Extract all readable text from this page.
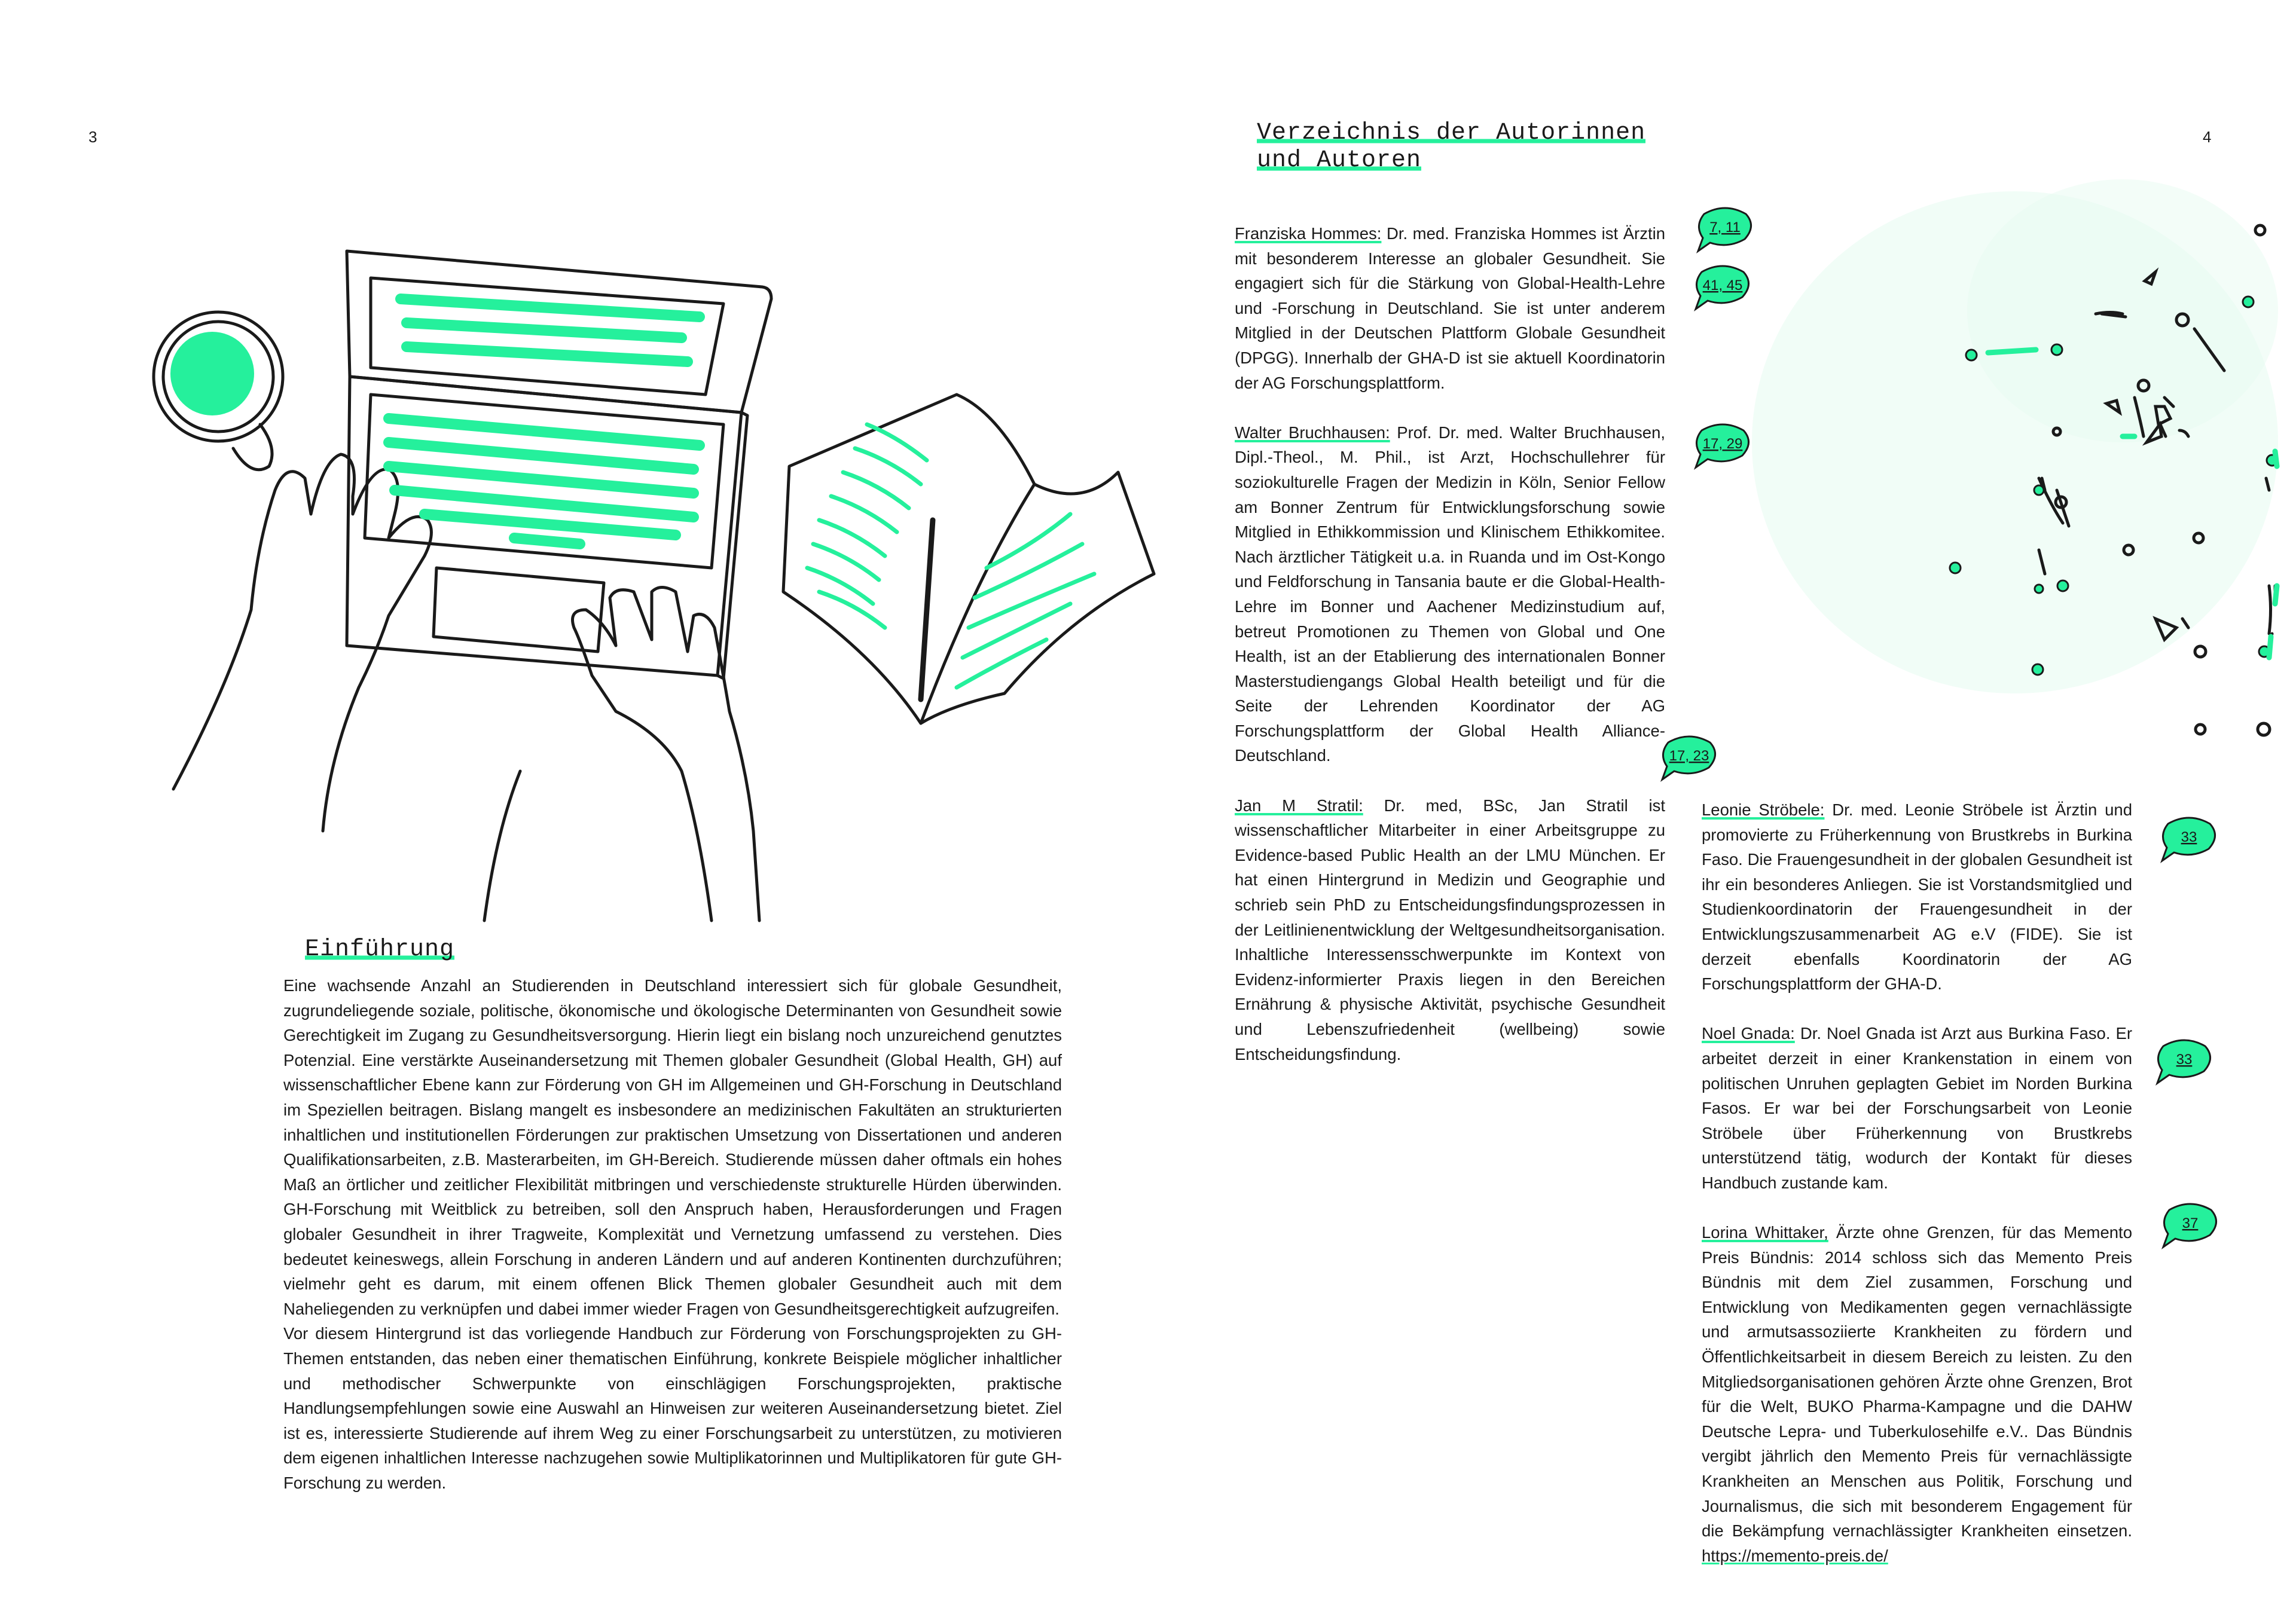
3
Einführung

Eine wachsende Anzahl an Studierenden in Deutschland interessiert sich für globale Gesundheit, zugrundeliegende soziale, politische, ökonomische und ökologische Determinanten von Gesundheit sowie Gerechtigkeit im Zugang zu Gesundheitsversorgung. Hierin liegt ein bislang noch unzureichend genutztes Potenzial. Eine verstärkte Auseinandersetzung mit Themen globaler Gesundheit (Global Health, GH) auf wissenschaftlicher Ebene kann zur Förderung von GH im Allgemeinen und GH-Forschung in Deutschland im Speziellen beitragen. Bislang mangelt es insbesondere an medizinischen Fakultäten an strukturierten inhaltlichen und institutionellen Förderungen zur praktischen Umsetzung von Dissertationen und anderen Qualifikationsarbeiten, z.B. Masterarbeiten, im GH-Bereich. Studierende müssen daher oftmals ein hohes Maß an örtlicher und zeitlicher Flexibilität mitbringen und verschiedenste strukturelle Hürden überwinden. GH-Forschung mit Weitblick zu betreiben, soll den Anspruch haben, Herausforderungen und Fragen globaler Gesundheit in ihrer Tragweite, Komplexität und Vernetzung umfassend zu verstehen. Dies bedeutet keineswegs, allein Forschung in anderen Ländern und auf anderen Kontinenten durchzuführen; vielmehr geht es darum, mit einem offenen Blick Themen globaler Gesundheit auch mit dem Naheliegenden zu verknüpfen und dabei immer wieder Fragen von Gesundheitsgerechtigkeit aufzugreifen.

Vor diesem Hintergrund ist das vorliegende Handbuch zur Förderung von Forschungsprojekten zu GH-Themen entstanden, das neben einer thematischen Einführung, konkrete Beispiele möglicher inhaltlicher und methodischer Schwerpunkte von einschlägigen Forschungsprojekten, praktische Handlungsempfehlungen sowie eine Auswahl an Hinweisen zur weiteren Auseinandersetzung bietet. Ziel ist es, interessierte Studierende auf ihrem Weg zu einer Forschungsarbeit zu unterstützen, zu motivieren dem eigenen inhaltlichen Interesse nachzugehen sowie Multiplikatorinnen und Multiplikatoren für gute GH-Forschung zu werden.

4
Verzeichnis der Autorinnen
und Autoren

Franziska Hommes: Dr. med. Franziska Hommes ist Ärztin mit besonderem Interesse an globaler Gesundheit. Sie engagiert sich für die Stärkung von Global-Health-Lehre und -Forschung in Deutschland. Sie ist unter anderem Mitglied in der Deutschen Plattform Globale Gesundheit (DPGG). Innerhalb der GHA-D ist sie aktuell Koordinatorin der AG Forschungsplattform.

Walter Bruchhausen: Prof. Dr. med. Walter Bruchhausen, Dipl.-Theol., M. Phil., ist Arzt, Hochschullehrer für soziokulturelle Fragen der Medizin in Köln, Senior Fellow am Bonner Zentrum für Entwicklungsforschung sowie Mitglied in Ethikkommission und Klinischem Ethikkomitee. Nach ärztlicher Tätigkeit u.a. in Ruanda und im Ost-Kongo und Feldforschung in Tansania baute er die Global-Health-Lehre im Bonner und Aachener Medizinstudium auf, betreut Promotionen zu Themen von Global und One Health, ist an der Etablierung des internationalen Bonner Masterstudiengangs Global Health beteiligt und für die Seite der Lehrenden Koordinator der AG Forschungsplattform der Global Health Alliance-Deutschland.

Jan M Stratil: Dr. med, BSc, Jan Stratil ist wissenschaftlicher Mitarbeiter in einer Arbeitsgruppe zu Evidence-based Public Health an der LMU München. Er hat einen Hintergrund in Medizin und Geographie und schrieb sein PhD zu Entscheidungsfindungsprozessen in der Leitlinienentwicklung der Weltgesundheitsorganisation. Inhaltliche Interessensschwerpunkte im Kontext von Evidenz-informierter Praxis liegen in den Bereichen Ernährung & physische Aktivität, psychische Gesundheit und Lebenszufriedenheit (wellbeing) sowie Entscheidungsfindung.

Leonie Ströbele: Dr. med. Leonie Ströbele ist Ärztin und promovierte zu Früherkennung von Brustkrebs in Burkina Faso. Die Frauengesundheit in der globalen Gesundheit ist ihr ein besonderes Anliegen. Sie ist Vorstandsmitglied und Studienkoordinatorin der Frauengesundheit in der Entwicklungszusammenarbeit AG e.V (FIDE). Sie ist derzeit ebenfalls Koordinatorin der AG Forschungsplattform der GHA-D.

Noel Gnada: Dr. Noel Gnada ist Arzt aus Burkina Faso. Er arbeitet derzeit in einer Krankenstation in einem von politischen Unruhen geplagten Gebiet im Norden Burkina Fasos. Er war bei der Forschungsarbeit von Leonie Ströbele über Früherkennung von Brustkrebs unterstützend tätig, wodurch der Kontakt für dieses Handbuch zustande kam.

Lorina Whittaker, Ärzte ohne Grenzen, für das Memento Preis Bündnis: 2014 schloss sich das Memento Preis Bündnis mit dem Ziel zusammen, Forschung und Entwicklung von Medikamenten gegen vernachlässigte und armutsassoziierte Krankheiten zu fördern und Öffentlichkeitsarbeit in diesem Bereich zu leisten. Zu den Mitgliedsorganisationen gehören Ärzte ohne Grenzen, Brot für die Welt, BUKO Pharma-Kampagne und die DAHW Deutsche Lepra- und Tuberkulosehilfe e.V.. Das Bündnis vergibt jährlich den Memento Preis für vernachlässigte Krankheiten an Menschen aus Politik, Forschung und Journalismus, die sich mit besonderem Engagement für die Bekämpfung vernachlässigter Krankheiten einsetzen. https://memento-preis.de/

7, 11
41, 45
17, 29
17, 23
33
33
37
